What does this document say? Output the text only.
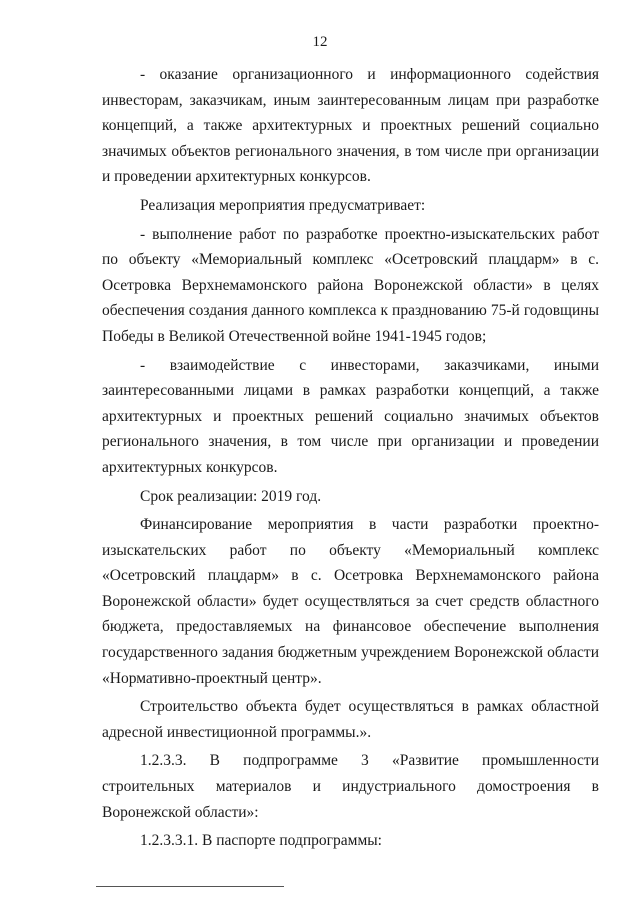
12

- оказание организационного и информационного содействия инвесторам, заказчикам, иным заинтересованным лицам при разработке концепций, а также архитектурных и проектных решений социально значимых объектов регионального значения, в том числе при организации и проведении архитектурных конкурсов.

Реализация мероприятия предусматривает:

- выполнение работ по разработке проектно-изыскательских работ по объекту «Мемориальный комплекс «Осетровский плацдарм» в с. Осетровка Верхнемамонского района Воронежской области» в целях обеспечения создания данного комплекса к празднованию 75-й годовщины Победы в Великой Отечественной войне 1941-1945 годов;

- взаимодействие с инвесторами, заказчиками, иными заинтересованными лицами в рамках разработки концепций, а также архитектурных и проектных решений социально значимых объектов регионального значения, в том числе при организации и проведении архитектурных конкурсов.

Срок реализации: 2019 год.

Финансирование мероприятия в части разработки проектно-изыскательских работ по объекту «Мемориальный комплекс «Осетровский плацдарм» в с. Осетровка Верхнемамонского района Воронежской области» будет осуществляться за счет средств областного бюджета, предоставляемых на финансовое обеспечение выполнения государственного задания бюджетным учреждением Воронежской области «Нормативно-проектный центр».

Строительство объекта будет осуществляться в рамках областной адресной инвестиционной программы.».

1.2.3.3. В подпрограмме 3 «Развитие промышленности строительных материалов и индустриального домостроения в Воронежской области»:

1.2.3.3.1. В паспорте подпрограммы:
